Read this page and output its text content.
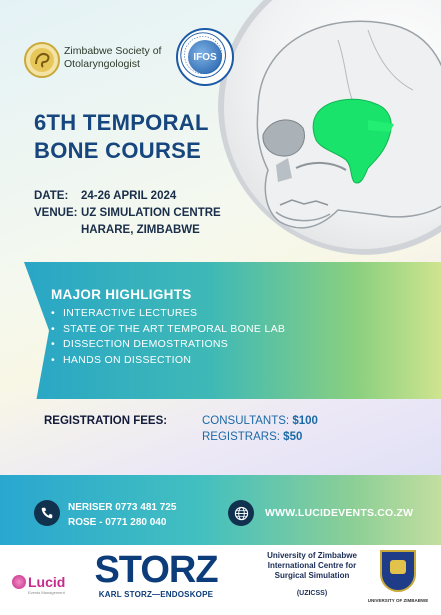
Zimbabwe Society of Otolaryngologist
IFOS
6TH TEMPORAL
BONE COURSE
DATE:	24-26 APRIL 2024
VENUE: UZ SIMULATION CENTRE
HARARE, ZIMBABWE
MAJOR HIGHLIGHTS
• INTERACTIVE LECTURES
• STATE OF THE ART TEMPORAL BONE LAB
• DISSECTION DEMOSTRATIONS
• HANDS ON DISSECTION
REGISTRATION FEES:	CONSULTANTS: $100
REGISTRARS: $50
NERISER 0773 481 725
ROSE - 0771 280 040
WWW.LUCIDEVENTS.CO.ZW
Lucid
Events Management
STORZ
KARL STORZ—ENDOSKOPE
University of Zimbabwe International Centre for Surgical Simulation
(UZICSS)
UNIVERSITY OF ZIMBABWE
